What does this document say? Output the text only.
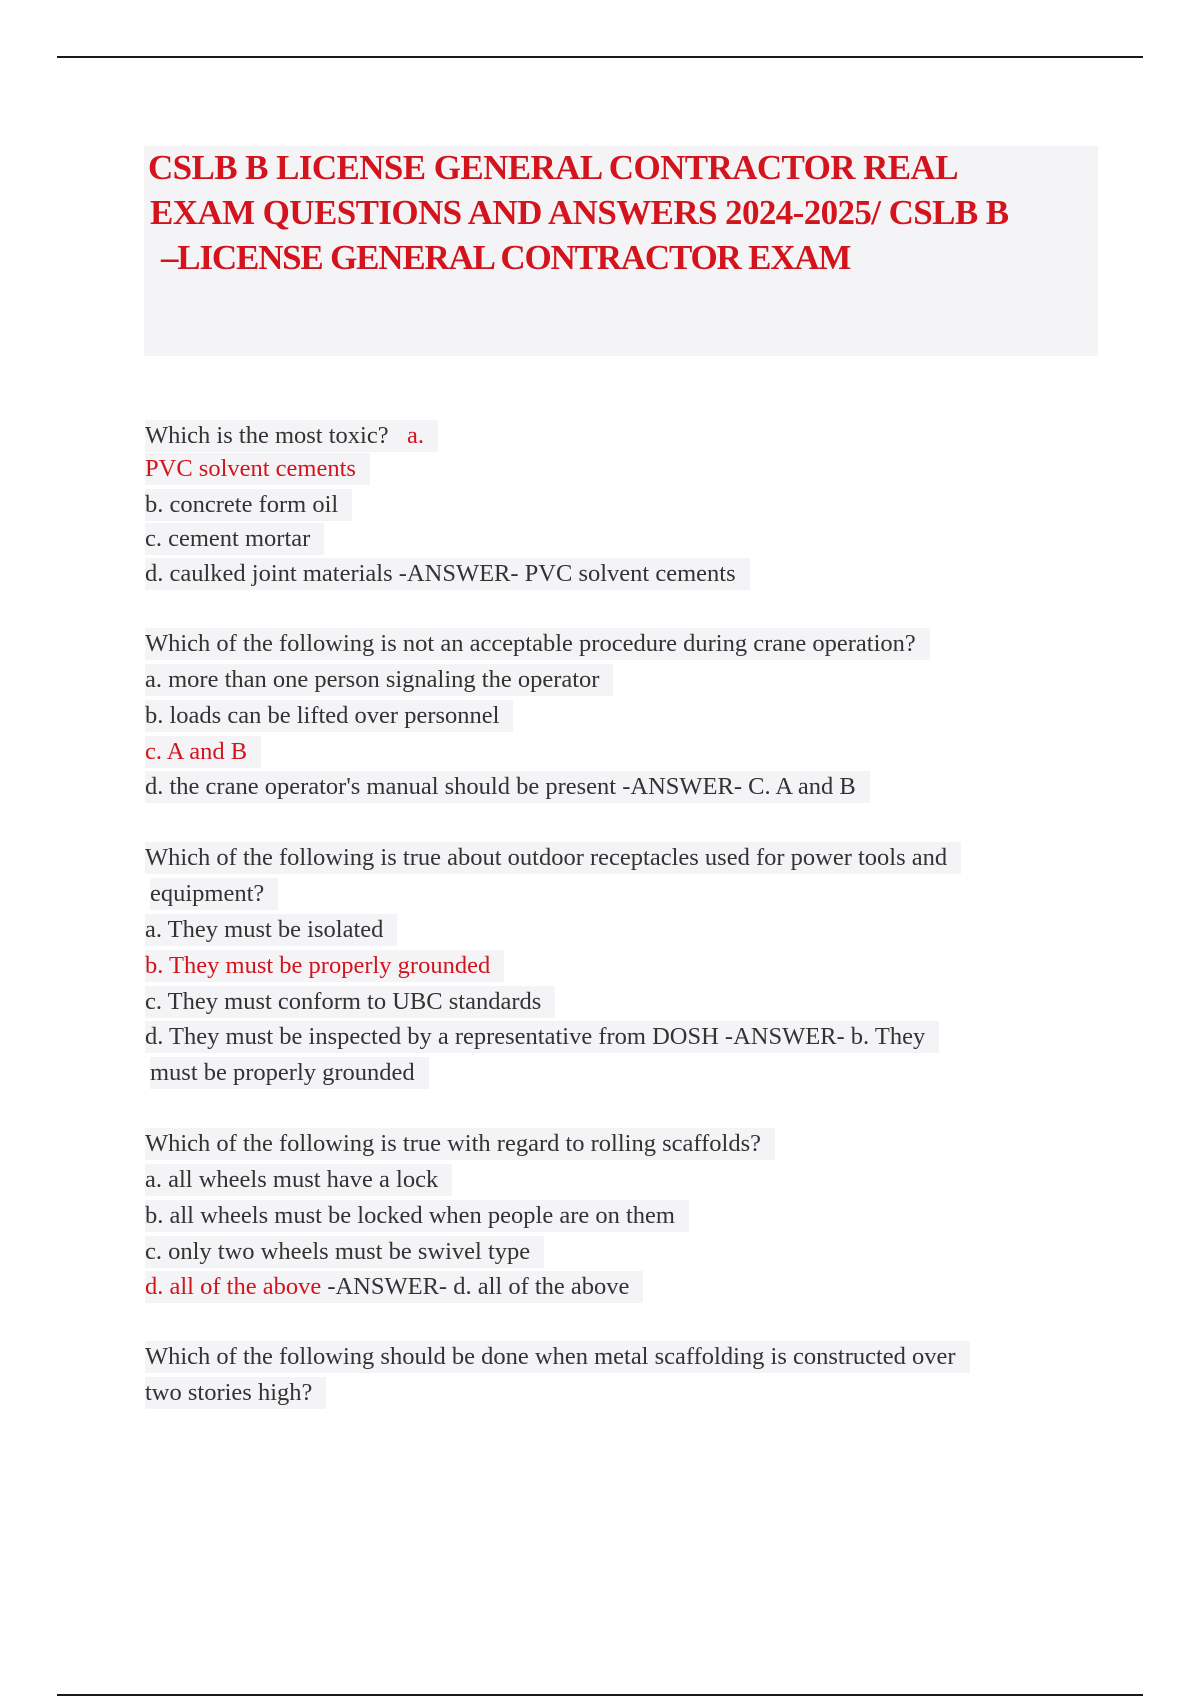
CSLB B LICENSE GENERAL CONTRACTOR REAL
EXAM QUESTIONS AND ANSWERS 2024-2025/ CSLB B
–LICENSE GENERAL CONTRACTOR EXAM
Which is the most toxic? a.
PVC solvent cements
b. concrete form oil
c. cement mortar
d. caulked joint materials -ANSWER- PVC solvent cements
Which of the following is not an acceptable procedure during crane operation?
a. more than one person signaling the operator
b. loads can be lifted over personnel
c. A and B
d. the crane operator's manual should be present -ANSWER- C. A and B
Which of the following is true about outdoor receptacles used for power tools and
equipment?
a. They must be isolated
b. They must be properly grounded
c. They must conform to UBC standards
d. They must be inspected by a representative from DOSH -ANSWER- b. They
must be properly grounded
Which of the following is true with regard to rolling scaffolds?
a. all wheels must have a lock
b. all wheels must be locked when people are on them
c. only two wheels must be swivel type
d. all of the above -ANSWER- d. all of the above
Which of the following should be done when metal scaffolding is constructed over
two stories high?
